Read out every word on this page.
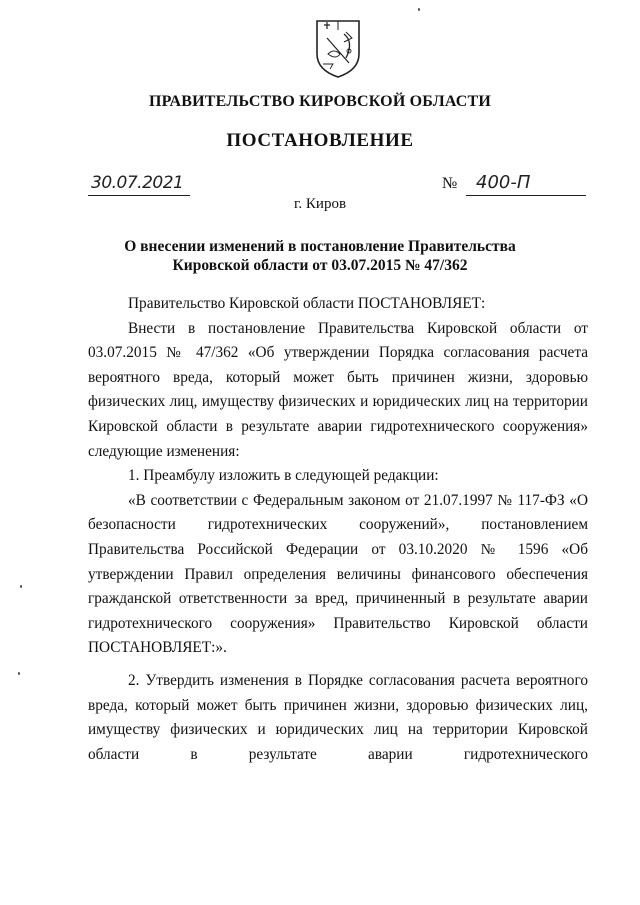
ПРАВИТЕЛЬСТВО КИРОВСКОЙ ОБЛАСТИ
ПОСТАНОВЛЕНИЕ
30.07.2021	№ 400-П
г. Киров
О внесении изменений в постановление Правительства
Кировской области от 03.07.2015 № 47/362

Правительство Кировской области ПОСТАНОВЛЯЕТ:

Внести в постановление Правительства Кировской области от 03.07.2015 № 47/362 «Об утверждении Порядка согласования расчета вероятного вреда, который может быть причинен жизни, здоровью физических лиц, имуществу физических и юридических лиц на территории Кировской области в результате аварии гидротехнического сооружения» следующие изменения:

1. Преамбулу изложить в следующей редакции:

«В соответствии с Федеральным законом от 21.07.1997 № 117-ФЗ «О безопасности гидротехнических сооружений», постановлением Правительства Российской Федерации от 03.10.2020 № 1596 «Об утверждении Правил определения величины финансового обеспечения гражданской ответственности за вред, причиненный в результате аварии гидротехнического сооружения» Правительство Кировской области ПОСТАНОВЛЯЕТ:».

2. Утвердить изменения в Порядке согласования расчета вероятного вреда, который может быть причинен жизни, здоровью физических лиц, имуществу физических и юридических лиц на территории Кировской области в результате аварии гидротехнического
